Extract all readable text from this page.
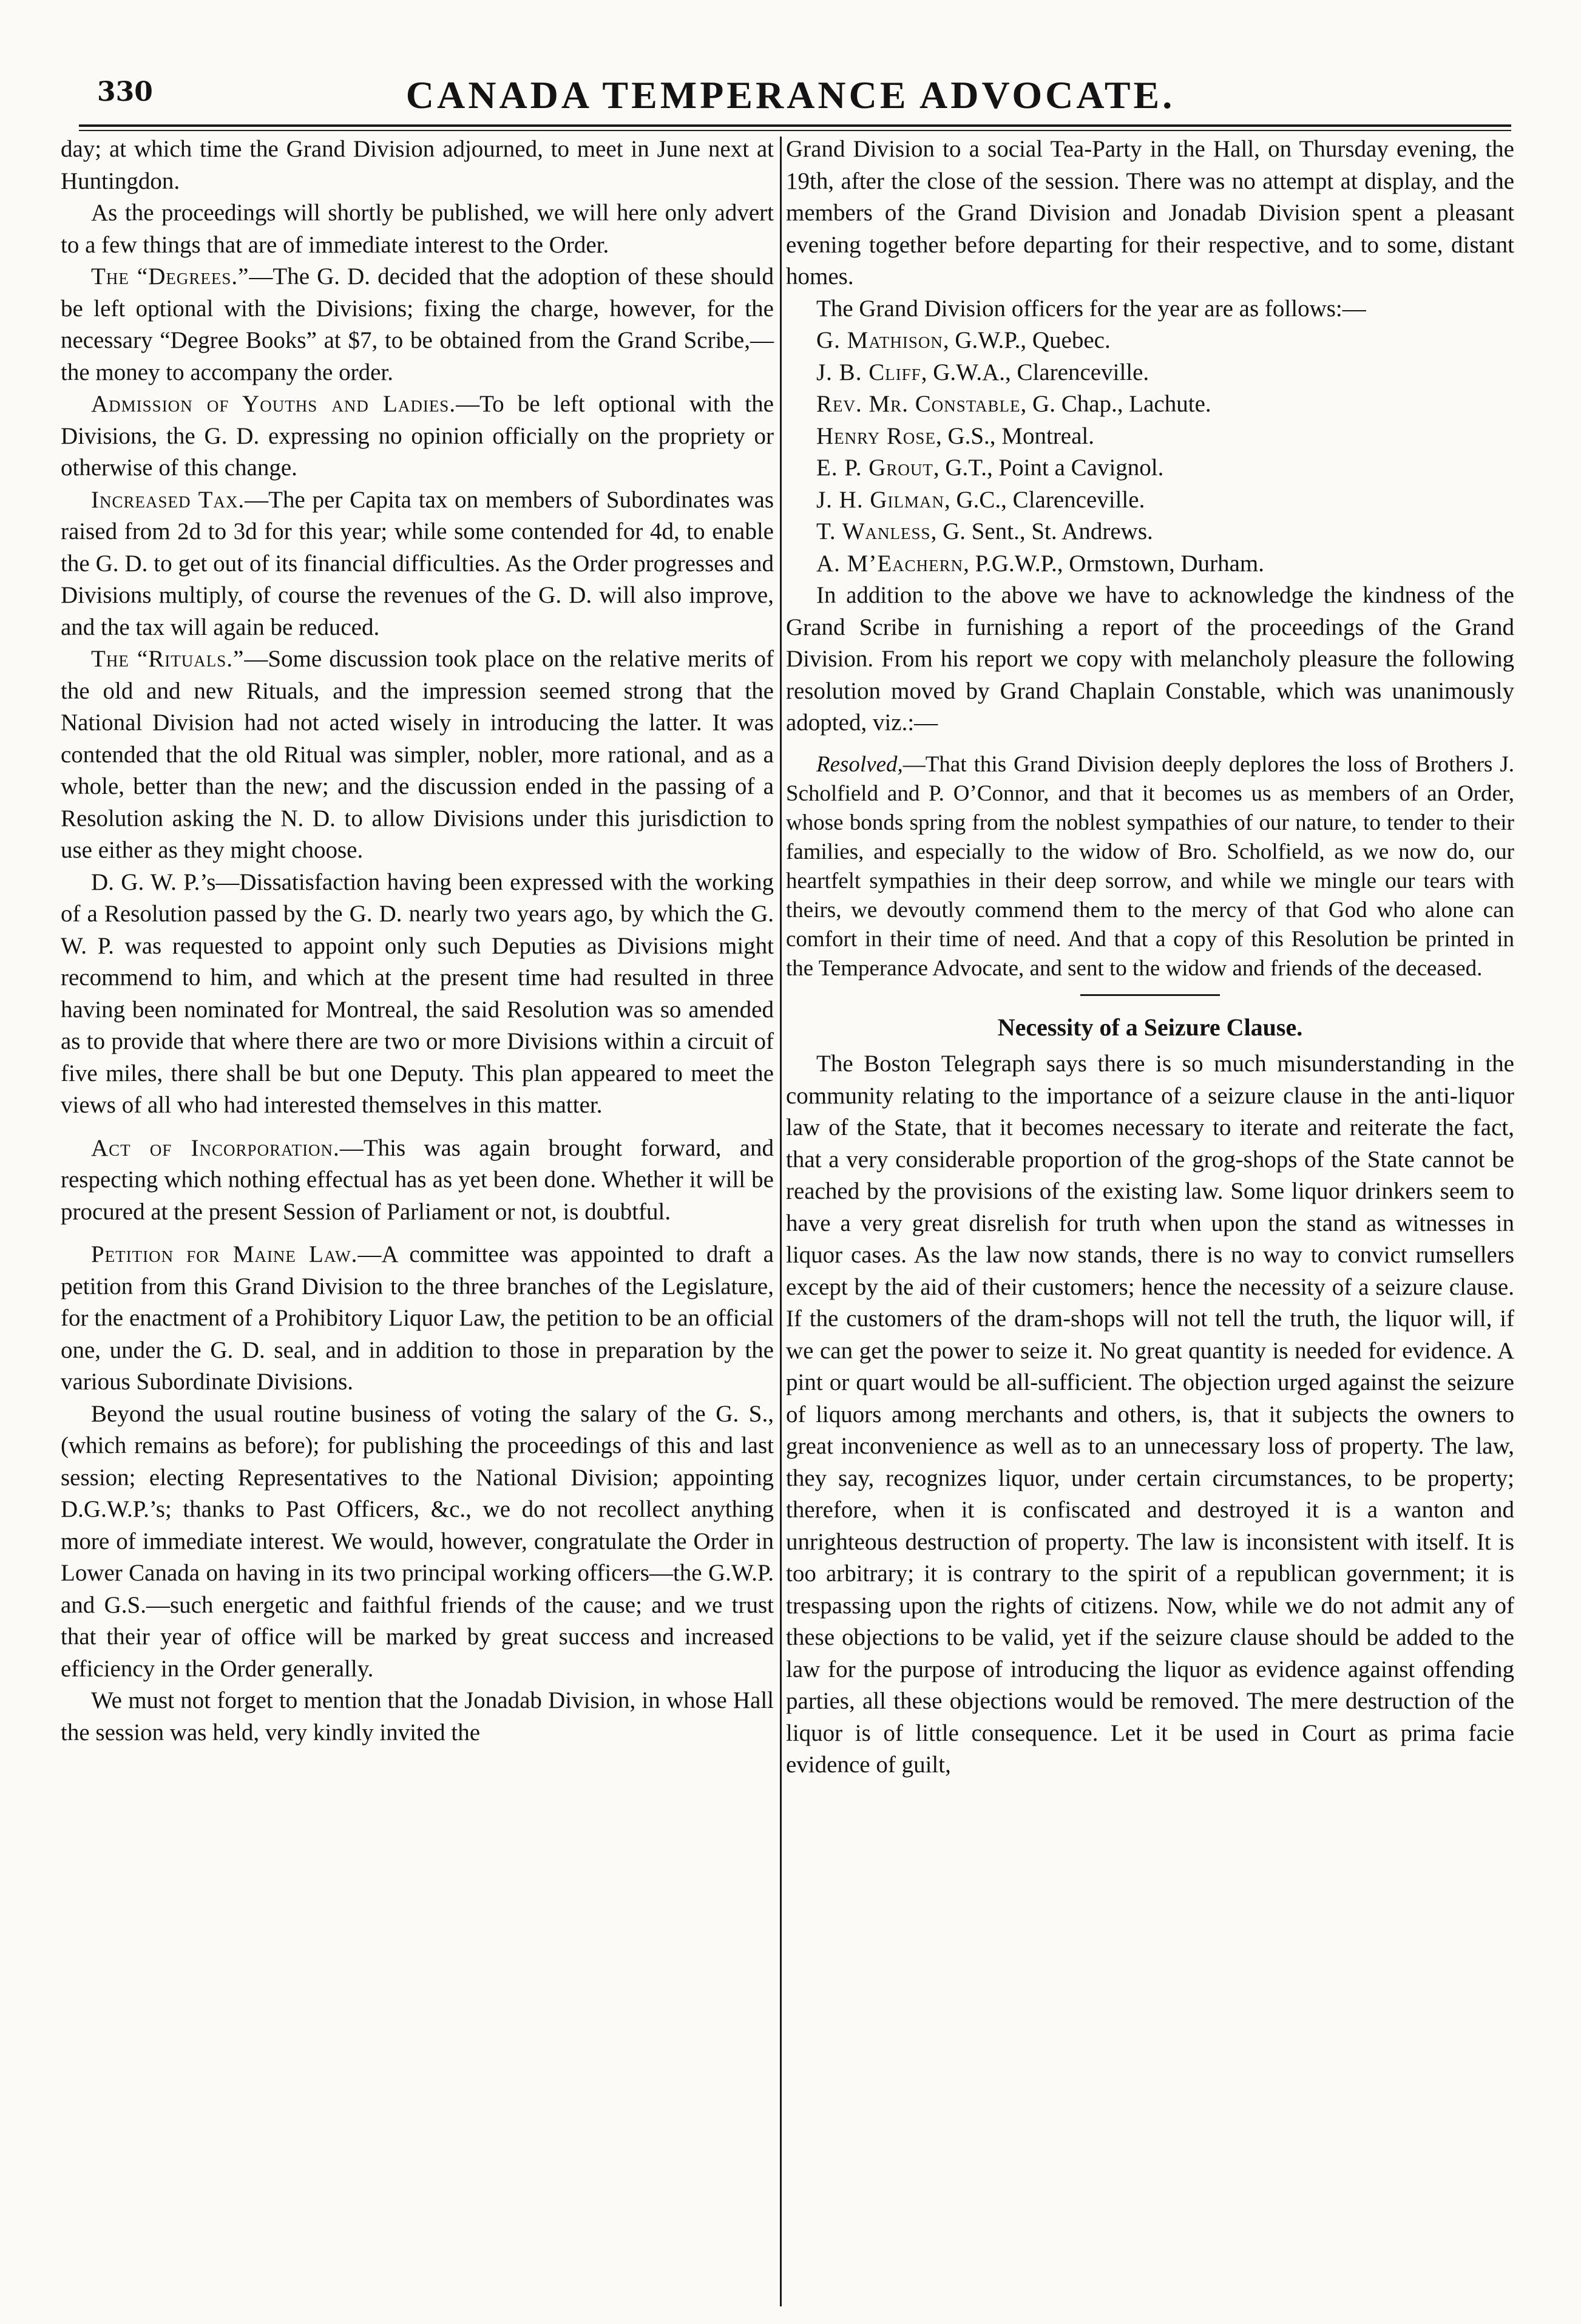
330	CANADA TEMPERANCE ADVOCATE.

day; at which time the Grand Division adjourned, to meet in June next at Huntingdon.

As the proceedings will shortly be published, we will here only advert to a few things that are of immediate interest to the Order.

The “Degrees.”—The G. D. decided that the adoption of these should be left optional with the Divisions; fixing the charge, however, for the necessary “Degree Books” at $7, to be obtained from the Grand Scribe,—the money to accompany the order.

Admission of Youths and Ladies.—To be left optional with the Divisions, the G. D. expressing no opinion officially on the propriety or otherwise of this change.

Increased Tax.—The per Capita tax on members of Subordinates was raised from 2d to 3d for this year; while some contended for 4d, to enable the G. D. to get out of its financial difficulties. As the Order progresses and Divisions multiply, of course the revenues of the G. D. will also improve, and the tax will again be reduced.

The “Rituals.”—Some discussion took place on the relative merits of the old and new Rituals, and the impression seemed strong that the National Division had not acted wisely in introducing the latter. It was contended that the old Ritual was simpler, nobler, more rational, and as a whole, better than the new; and the discussion ended in the passing of a Resolution asking the N. D. to allow Divisions under this jurisdiction to use either as they might choose.

D. G. W. P.’s—Dissatisfaction having been expressed with the working of a Resolution passed by the G. D. nearly two years ago, by which the G. W. P. was requested to appoint only such Deputies as Divisions might recommend to him, and which at the present time had resulted in three having been nominated for Montreal, the said Resolution was so amended as to provide that where there are two or more Divisions within a circuit of five miles, there shall be but one Deputy. This plan appeared to meet the views of all who had interested themselves in this matter.

Act of Incorporation.—This was again brought forward, and respecting which nothing effectual has as yet been done. Whether it will be procured at the present Session of Parliament or not, is doubtful.

Petition for Maine Law.—A committee was appointed to draft a petition from this Grand Division to the three branches of the Legislature, for the enactment of a Prohibitory Liquor Law, the petition to be an official one, under the G. D. seal, and in addition to those in preparation by the various Subordinate Divisions.

Beyond the usual routine business of voting the salary of the G. S., (which remains as before); for publishing the proceedings of this and last session; electing Representatives to the National Division; appointing D.G.W.P.’s; thanks to Past Officers, &c., we do not recollect anything more of immediate interest. We would, however, congratulate the Order in Lower Canada on having in its two principal working officers—the G.W.P. and G.S.—such energetic and faithful friends of the cause; and we trust that their year of office will be marked by great success and increased efficiency in the Order generally.

We must not forget to mention that the Jonadab Division, in whose Hall the session was held, very kindly invited the

Grand Division to a social Tea-Party in the Hall, on Thursday evening, the 19th, after the close of the session. There was no attempt at display, and the members of the Grand Division and Jonadab Division spent a pleasant evening together before departing for their respective, and to some, distant homes.

The Grand Division officers for the year are as follows:—

G. Mathison, G.W.P., Quebec.
J. B. Cliff, G.W.A., Clarenceville.
Rev. Mr. Constable, G. Chap., Lachute.
Henry Rose, G.S., Montreal.
E. P. Grout, G.T., Point a Cavignol.
J. H. Gilman, G.C., Clarenceville.
T. Wanless, G. Sent., St. Andrews.
A. M’Eachern, P.G.W.P., Ormstown, Durham.

In addition to the above we have to acknowledge the kindness of the Grand Scribe in furnishing a report of the proceedings of the Grand Division. From his report we copy with melancholy pleasure the following resolution moved by Grand Chaplain Constable, which was unanimously adopted, viz.:—

Resolved,—That this Grand Division deeply deplores the loss of Brothers J. Scholfield and P. O’Connor, and that it becomes us as members of an Order, whose bonds spring from the noblest sympathies of our nature, to tender to their families, and especially to the widow of Bro. Scholfield, as we now do, our heartfelt sympathies in their deep sorrow, and while we mingle our tears with theirs, we devoutly commend them to the mercy of that God who alone can comfort in their time of need. And that a copy of this Resolution be printed in the Temperance Advocate, and sent to the widow and friends of the deceased.

Necessity of a Seizure Clause.

The Boston Telegraph says there is so much misunderstanding in the community relating to the importance of a seizure clause in the anti-liquor law of the State, that it becomes necessary to iterate and reiterate the fact, that a very considerable proportion of the grog-shops of the State cannot be reached by the provisions of the existing law. Some liquor drinkers seem to have a very great disrelish for truth when upon the stand as witnesses in liquor cases. As the law now stands, there is no way to convict rumsellers except by the aid of their customers; hence the necessity of a seizure clause. If the customers of the dram-shops will not tell the truth, the liquor will, if we can get the power to seize it. No great quantity is needed for evidence. A pint or quart would be all-sufficient. The objection urged against the seizure of liquors among merchants and others, is, that it subjects the owners to great inconvenience as well as to an unnecessary loss of property. The law, they say, recognizes liquor, under certain circumstances, to be property; therefore, when it is confiscated and destroyed it is a wanton and unrighteous destruction of property. The law is inconsistent with itself. It is too arbitrary; it is contrary to the spirit of a republican government; it is trespassing upon the rights of citizens. Now, while we do not admit any of these objections to be valid, yet if the seizure clause should be added to the law for the purpose of introducing the liquor as evidence against offending parties, all these objections would be removed. The mere destruction of the liquor is of little consequence. Let it be used in Court as prima facie evidence of guilt,
